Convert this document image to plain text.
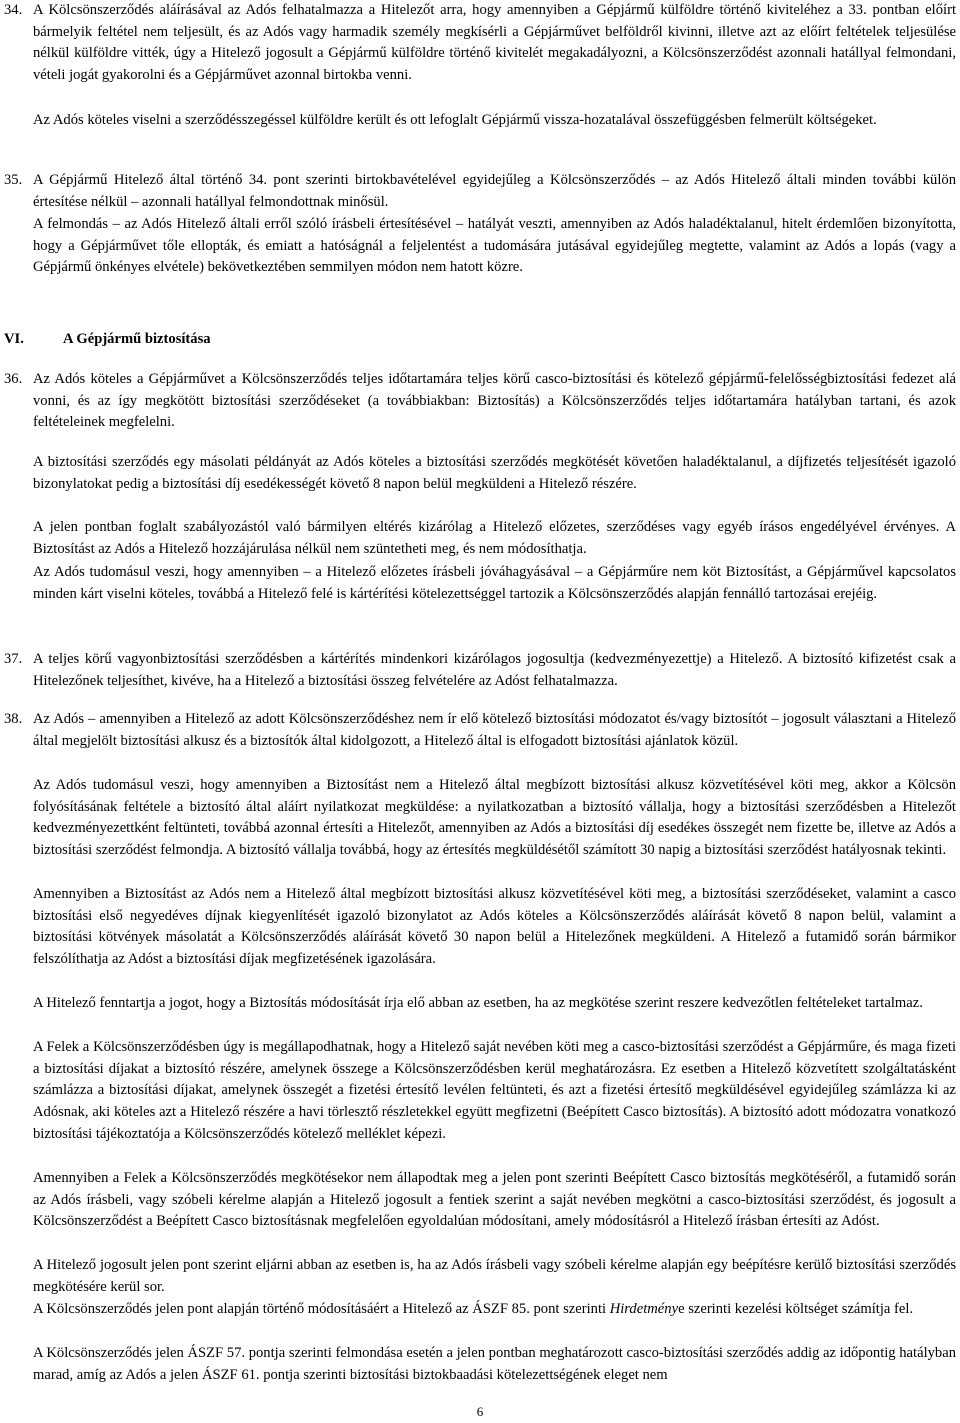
34. A Kölcsönszerződés aláírásával az Adós felhatalmazza a Hitelezőt arra, hogy amennyiben a Gépjármű külföldre történő kiviteléhez a 33. pontban előírt bármelyik feltétel nem teljesült, és az Adós vagy harmadik személy megkísérli a Gépjárművet belföldről kivinni, illetve azt az előírt feltételek teljesülése nélkül külföldre vitték, úgy a Hitelező jogosult a Gépjármű külföldre történő kivitelét megakadályozni, a Kölcsönszerződést azonnali hatállyal felmondani, vételi jogát gyakorolni és a Gépjárművet azonnal birtokba venni.

Az Adós köteles viselni a szerződésszegéssel külföldre került és ott lefoglalt Gépjármű vissza-hozatalával összefüggésben felmerült költségeket.

35. A Gépjármű Hitelező által történő 34. pont szerinti birtokbavételével egyidejűleg a Kölcsönszerződés – az Adós Hitelező általi minden további külön értesítése nélkül – azonnali hatállyal felmondottnak minősül.

A felmondás – az Adós Hitelező általi erről szóló írásbeli értesítésével – hatályát veszti, amennyiben az Adós haladéktalanul, hitelt érdemlően bizonyította, hogy a Gépjárművet tőle ellopták, és emiatt a hatóságnál a feljelentést a tudomására jutásával egyidejűleg megtette, valamint az Adós a lopás (vagy a Gépjármű önkényes elvétele) bekövetkeztében semmilyen módon nem hatott közre.

VI.	A Gépjármű biztosítása
36. Az Adós köteles a Gépjárművet a Kölcsönszerződés teljes időtartamára teljes körű casco-biztosítási és kötelező gépjármű-felelősségbiztosítási fedezet alá vonni, és az így megkötött biztosítási szerződéseket (a továbbiakban: Biztosítás) a Kölcsönszerződés teljes időtartamára hatályban tartani, és azok feltételeinek megfelelni.

A biztosítási szerződés egy másolati példányát az Adós köteles a biztosítási szerződés megkötését követően haladéktalanul, a díjfizetés teljesítését igazoló bizonylatokat pedig a biztosítási díj esedékességét követő 8 napon belül megküldeni a Hitelező részére.

A jelen pontban foglalt szabályozástól való bármilyen eltérés kizárólag a Hitelező előzetes, szerződéses vagy egyéb írásos engedélyével érvényes. A Biztosítást az Adós a Hitelező hozzájárulása nélkül nem szüntetheti meg, és nem módosíthatja.

Az Adós tudomásul veszi, hogy amennyiben – a Hitelező előzetes írásbeli jóváhagyásával – a Gépjárműre nem köt Biztosítást, a Gépjárművel kapcsolatos minden kárt viselni köteles, továbbá a Hitelező felé is kártérítési kötelezettséggel tartozik a Kölcsönszerződés alapján fennálló tartozásai erejéig.

37. A teljes körű vagyonbiztosítási szerződésben a kártérítés mindenkori kizárólagos jogosultja (kedvezményezettje) a Hitelező. A biztosító kifizetést csak a Hitelezőnek teljesíthet, kivéve, ha a Hitelező a biztosítási összeg felvételére az Adóst felhatalmazza.

38. Az Adós – amennyiben a Hitelező az adott Kölcsönszerződéshez nem ír elő kötelező biztosítási módozatot és/vagy biztosítót – jogosult választani a Hitelező által megjelölt biztosítási alkusz és a biztosítók által kidolgozott, a Hitelező által is elfogadott biztosítási ajánlatok közül.

Az Adós tudomásul veszi, hogy amennyiben a Biztosítást nem a Hitelező által megbízott biztosítási alkusz közvetítésével köti meg, akkor a Kölcsön folyósításának feltétele a biztosító által aláírt nyilatkozat megküldése: a nyilatkozatban a biztosító vállalja, hogy a biztosítási szerződésben a Hitelezőt kedvezményezettként feltünteti, továbbá azonnal értesíti a Hitelezőt, amennyiben az Adós a biztosítási díj esedékes összegét nem fizette be, illetve az Adós a biztosítási szerződést felmondja. A biztosító vállalja továbbá, hogy az értesítés megküldésétől számított 30 napig a biztosítási szerződést hatályosnak tekinti.

Amennyiben a Biztosítást az Adós nem a Hitelező által megbízott biztosítási alkusz közvetítésével köti meg, a biztosítási szerződéseket, valamint a casco biztosítási első negyedéves díjnak kiegyenlítését igazoló bizonylatot az Adós köteles a Kölcsönszerződés aláírását követő 8 napon belül, valamint a biztosítási kötvények másolatát a Kölcsönszerződés aláírását követő 30 napon belül a Hitelezőnek megküldeni. A Hitelező a futamidő során bármikor felszólíthatja az Adóst a biztosítási díjak megfizetésének igazolására.

A Hitelező fenntartja a jogot, hogy a Biztosítás módosítását írja elő abban az esetben, ha az megkötése szerint reszere kedvezőtlen feltételeket tartalmaz.

A Felek a Kölcsönszerződésben úgy is megállapodhatnak, hogy a Hitelező saját nevében köti meg a casco-biztosítási szerződést a Gépjárműre, és maga fizeti a biztosítási díjakat a biztosító részére, amelynek összege a Kölcsönszerződésben kerül meghatározásra. Ez esetben a Hitelező közvetített szolgáltatásként számlázza a biztosítási díjakat, amelynek összegét a fizetési értesítő levélen feltünteti, és azt a fizetési értesítő megküldésével egyidejűleg számlázza ki az Adósnak, aki köteles azt a Hitelező részére a havi törlesztő részletekkel együtt megfizetni (Beépített Casco biztosítás). A biztosító adott módozatra vonatkozó biztosítási tájékoztatója a Kölcsönszerződés kötelező melléklet képezi.

Amennyiben a Felek a Kölcsönszerződés megkötésekor nem állapodtak meg a jelen pont szerinti Beépített Casco biztosítás megkötéséről, a futamidő során az Adós írásbeli, vagy szóbeli kérelme alapján a Hitelező jogosult a fentiek szerint a saját nevében megkötni a casco-biztosítási szerződést, és jogosult a Kölcsönszerződést a Beépített Casco biztosításnak megfelelően egyoldalúan módosítani, amely módosításról a Hitelező írásban értesíti az Adóst.

A Hitelező jogosult jelen pont szerint eljárni abban az esetben is, ha az Adós írásbeli vagy szóbeli kérelme alapján egy beépítésre kerülő biztosítási szerződés megkötésére kerül sor.

A Kölcsönszerződés jelen pont alapján történő módosításáért a Hitelező az ÁSZF 85. pont szerinti Hirdetménye szerinti kezelési költséget számítja fel.

A Kölcsönszerződés jelen ÁSZF 57. pontja szerinti felmondása esetén a jelen pontban meghatározott casco-biztosítási szerződés addig az időpontig hatályban marad, amíg az Adós a jelen ÁSZF 61. pontja szerinti biztosítási biztokbaadási kötelezettségének eleget nem

6
